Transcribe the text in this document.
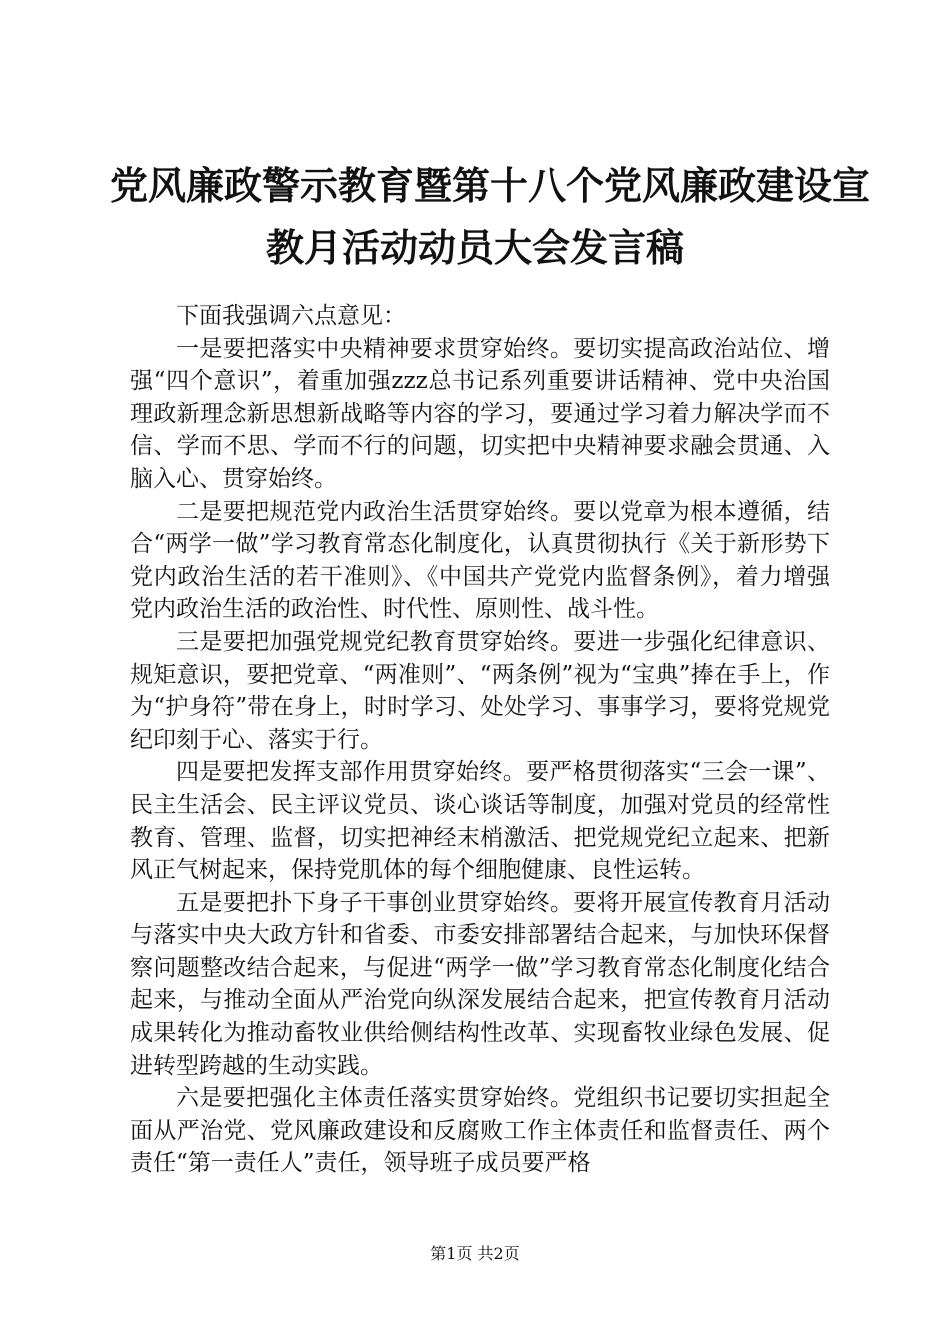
党风廉政警示教育暨第十八个党风廉政建设宣
教月活动动员大会发言稿

下面我强调六点意见：

一是要把落实中央精神要求贯穿始终。要切实提高政治站位、增强“四个意识”，着重加强zzz总书记系列重要讲话精神、党中央治国理政新理念新思想新战略等内容的学习，要通过学习着力解决学而不信、学而不思、学而不行的问题，切实把中央精神要求融会贯通、入脑入心、贯穿始终。

二是要把规范党内政治生活贯穿始终。要以党章为根本遵循，结合“两学一做”学习教育常态化制度化，认真贯彻执行《关于新形势下党内政治生活的若干准则》、《中国共产党党内监督条例》，着力增强党内政治生活的政治性、时代性、原则性、战斗性。

三是要把加强党规党纪教育贯穿始终。要进一步强化纪律意识、规矩意识，要把党章、“两准则”、“两条例”视为“宝典”捧在手上，作为“护身符”带在身上，时时学习、处处学习、事事学习，要将党规党纪印刻于心、落实于行。

四是要把发挥支部作用贯穿始终。要严格贯彻落实“三会一课”、民主生活会、民主评议党员、谈心谈话等制度，加强对党员的经常性教育、管理、监督，切实把神经末梢激活、把党规党纪立起来、把新风正气树起来，保持党肌体的每个细胞健康、良性运转。

五是要把扑下身子干事创业贯穿始终。要将开展宣传教育月活动与落实中央大政方针和省委、市委安排部署结合起来，与加快环保督察问题整改结合起来，与促进“两学一做”学习教育常态化制度化结合起来，与推动全面从严治党向纵深发展结合起来，把宣传教育月活动成果转化为推动畜牧业供给侧结构性改革、实现畜牧业绿色发展、促进转型跨越的生动实践。

六是要把强化主体责任落实贯穿始终。党组织书记要切实担起全面从严治党、党风廉政建设和反腐败工作主体责任和监督责任、两个责任“第一责任人”责任，领导班子成员要严格

第1页 共2页
